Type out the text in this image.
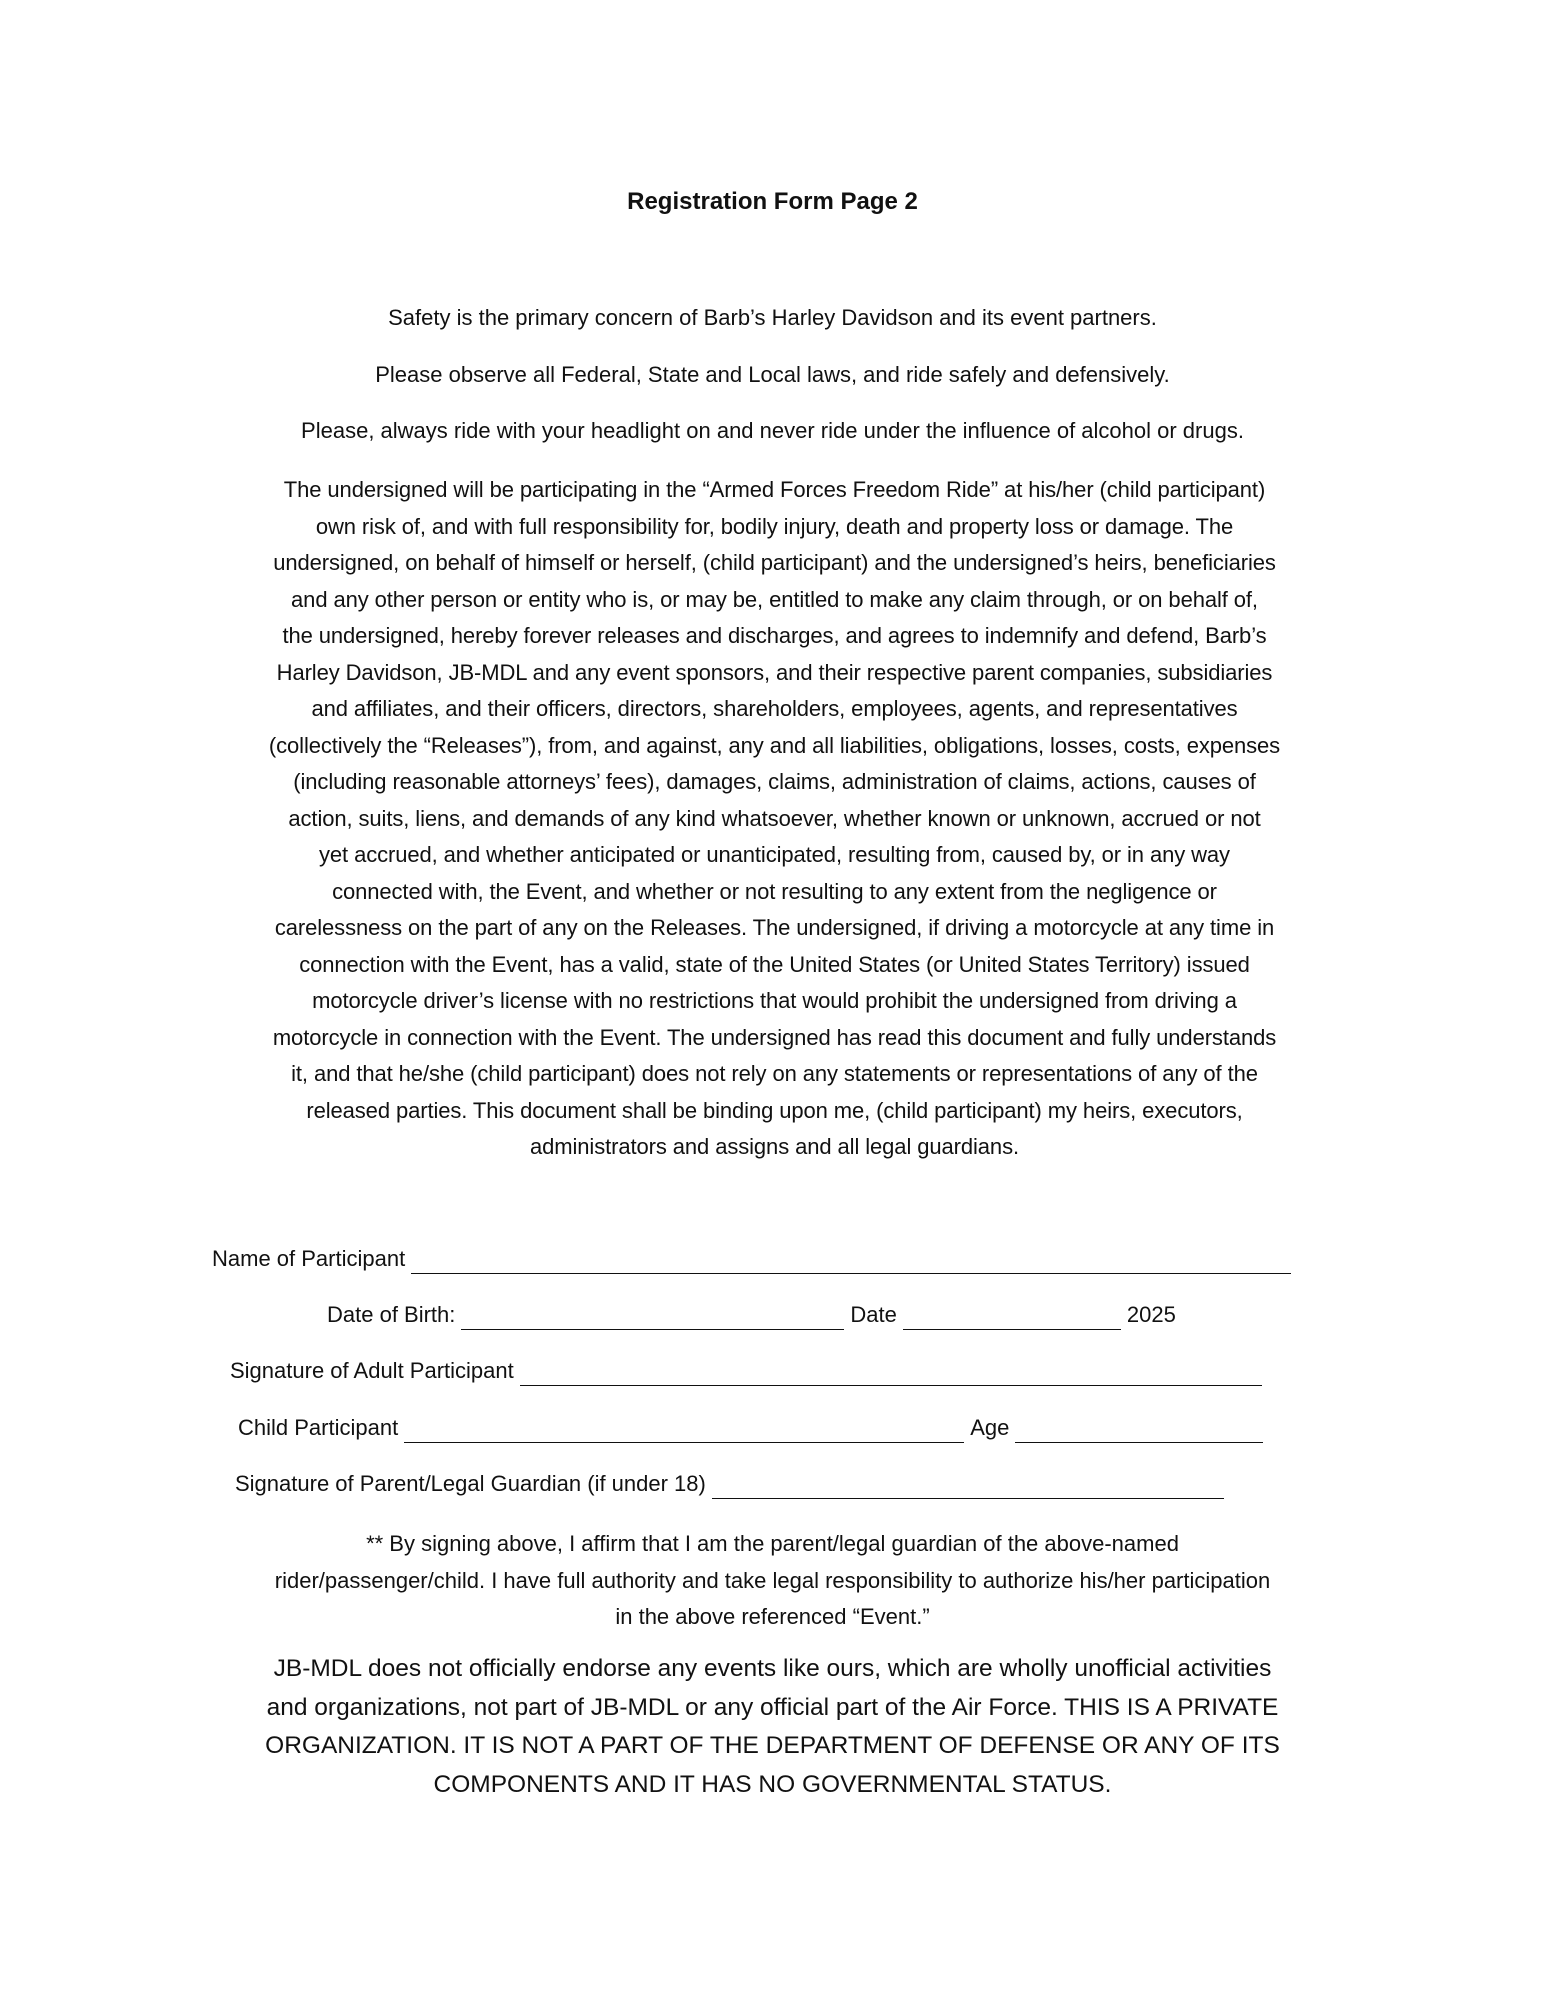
Registration Form Page 2
Safety is the primary concern of Barb’s Harley Davidson and its event partners.
Please observe all Federal, State and Local laws, and ride safely and defensively.
Please, always ride with your headlight on and never ride under the influence of alcohol or drugs.
The undersigned will be participating in the “Armed Forces Freedom Ride” at his/her (child participant)
own risk of, and with full responsibility for, bodily injury, death and property loss or damage. The
undersigned, on behalf of himself or herself, (child participant) and the undersigned’s heirs, beneficiaries
and any other person or entity who is, or may be, entitled to make any claim through, or on behalf of,
the undersigned, hereby forever releases and discharges, and agrees to indemnify and defend, Barb’s
Harley Davidson, JB-MDL and any event sponsors, and their respective parent companies, subsidiaries
and affiliates, and their officers, directors, shareholders, employees, agents, and representatives
(collectively the “Releases”), from, and against, any and all liabilities, obligations, losses, costs, expenses
(including reasonable attorneys’ fees), damages, claims, administration of claims, actions, causes of
action, suits, liens, and demands of any kind whatsoever, whether known or unknown, accrued or not
yet accrued, and whether anticipated or unanticipated, resulting from, caused by, or in any way
connected with, the Event, and whether or not resulting to any extent from the negligence or
carelessness on the part of any on the Releases. The undersigned, if driving a motorcycle at any time in
connection with the Event, has a valid, state of the United States (or United States Territory) issued
motorcycle driver’s license with no restrictions that would prohibit the undersigned from driving a
motorcycle in connection with the Event. The undersigned has read this document and fully understands
it, and that he/she (child participant) does not rely on any statements or representations of any of the
released parties. This document shall be binding upon me, (child participant) my heirs, executors,
administrators and assigns and all legal guardians.
Name of Participant
Date of Birth:	Date	2025
Signature of Adult Participant
Child Participant	Age
Signature of Parent/Legal Guardian (if under 18)
** By signing above, I affirm that I am the parent/legal guardian of the above-named
rider/passenger/child. I have full authority and take legal responsibility to authorize his/her participation
in the above referenced “Event.”
JB-MDL does not officially endorse any events like ours, which are wholly unofficial activities
and organizations, not part of JB-MDL or any official part of the Air Force. THIS IS A PRIVATE
ORGANIZATION. IT IS NOT A PART OF THE DEPARTMENT OF DEFENSE OR ANY OF ITS
COMPONENTS AND IT HAS NO GOVERNMENTAL STATUS.
